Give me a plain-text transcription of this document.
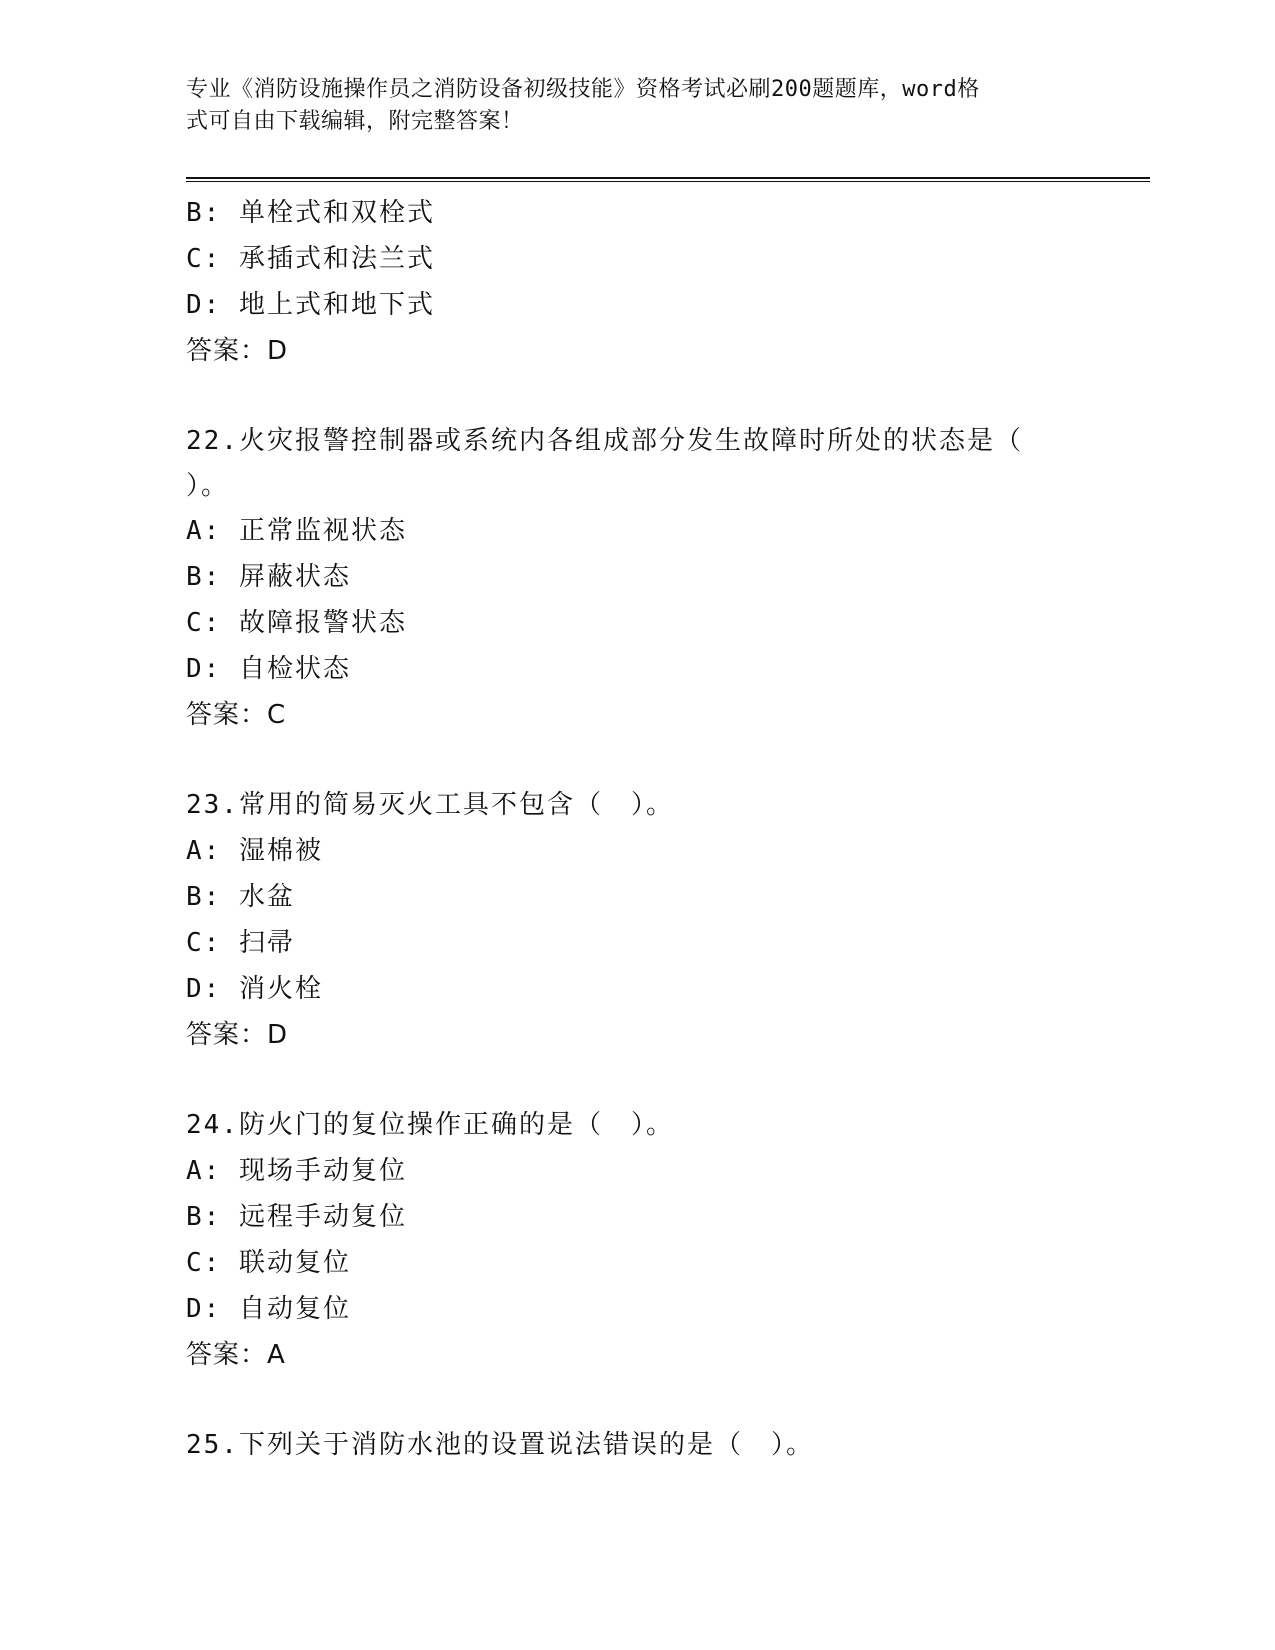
专业《消防设施操作员之消防设备初级技能》资格考试必刷200题题库，word格
式可自由下载编辑，附完整答案！
B: 单栓式和双栓式
C: 承插式和法兰式
D: 地上式和地下式
答案：D
22.火灾报警控制器或系统内各组成部分发生故障时所处的状态是（
）。
A: 正常监视状态
B: 屏蔽状态
C: 故障报警状态
D: 自检状态
答案：C
23.常用的简易灭火工具不包含（　）。
A: 湿棉被
B: 水盆
C: 扫帚
D: 消火栓
答案：D
24.防火门的复位操作正确的是（　）。
A: 现场手动复位
B: 远程手动复位
C: 联动复位
D: 自动复位
答案：A
25.下列关于消防水池的设置说法错误的是（　）。
